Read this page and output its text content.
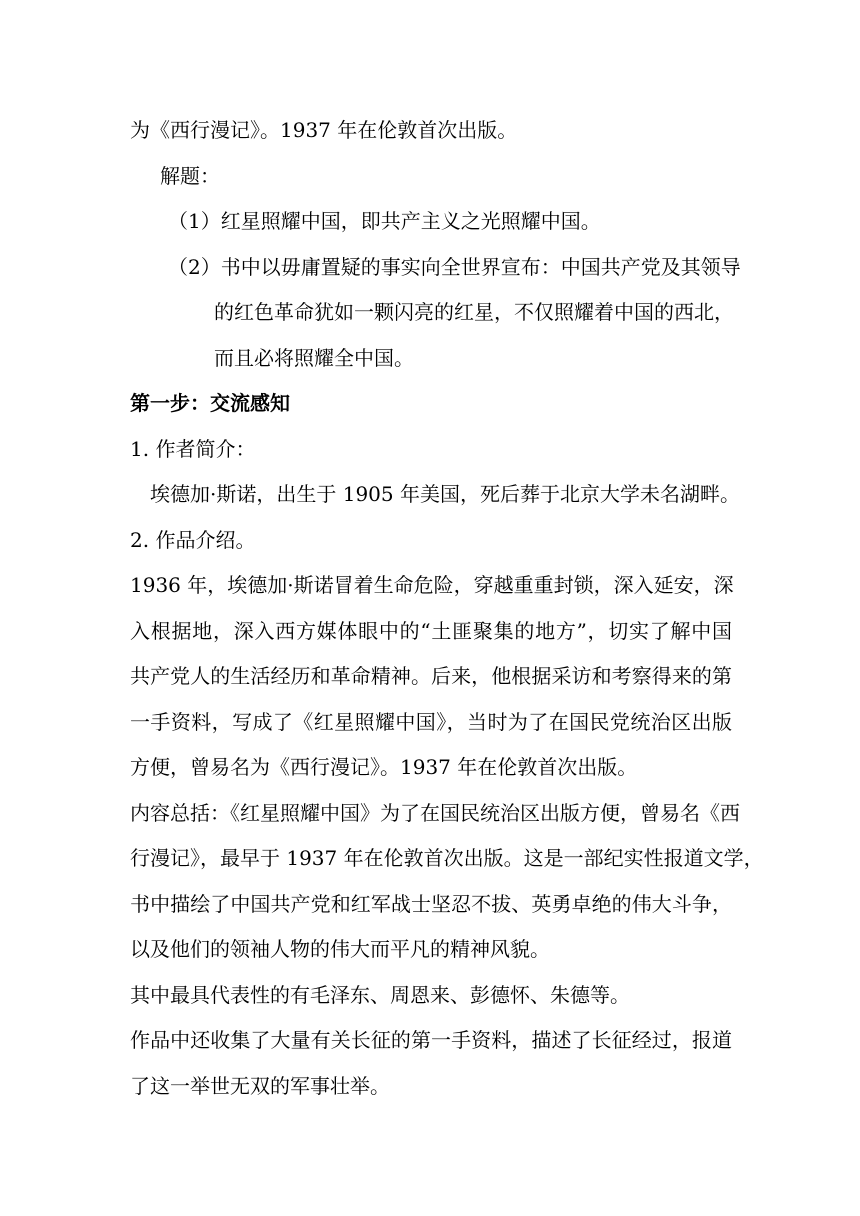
为《西行漫记》。1937 年在伦敦首次出版。
解题：
（1）红星照耀中国，即共产主义之光照耀中国。
（2）书中以毋庸置疑的事实向全世界宣布：中国共产党及其领导
的红色革命犹如一颗闪亮的红星，不仅照耀着中国的西北，
而且必将照耀全中国。
第一步：交流感知
1. 作者简介：
埃德加·斯诺，出生于 1905 年美国，死后葬于北京大学未名湖畔。
2. 作品介绍。
1936 年，埃德加·斯诺冒着生命危险，穿越重重封锁，深入延安，深
入根据地，深入西方媒体眼中的“土匪聚集的地方”，切实了解中国
共产党人的生活经历和革命精神。后来，他根据采访和考察得来的第
一手资料，写成了《红星照耀中国》，当时为了在国民党统治区出版
方便，曾易名为《西行漫记》。1937 年在伦敦首次出版。
内容总括：《红星照耀中国》为了在国民统治区出版方便，曾易名《西
行漫记》，最早于 1937 年在伦敦首次出版。这是一部纪实性报道文学，
书中描绘了中国共产党和红军战士坚忍不拔、英勇卓绝的伟大斗争，
以及他们的领袖人物的伟大而平凡的精神风貌。
其中最具代表性的有毛泽东、周恩来、彭德怀、朱德等。
作品中还收集了大量有关长征的第一手资料，描述了长征经过，报道
了这一举世无双的军事壮举。
